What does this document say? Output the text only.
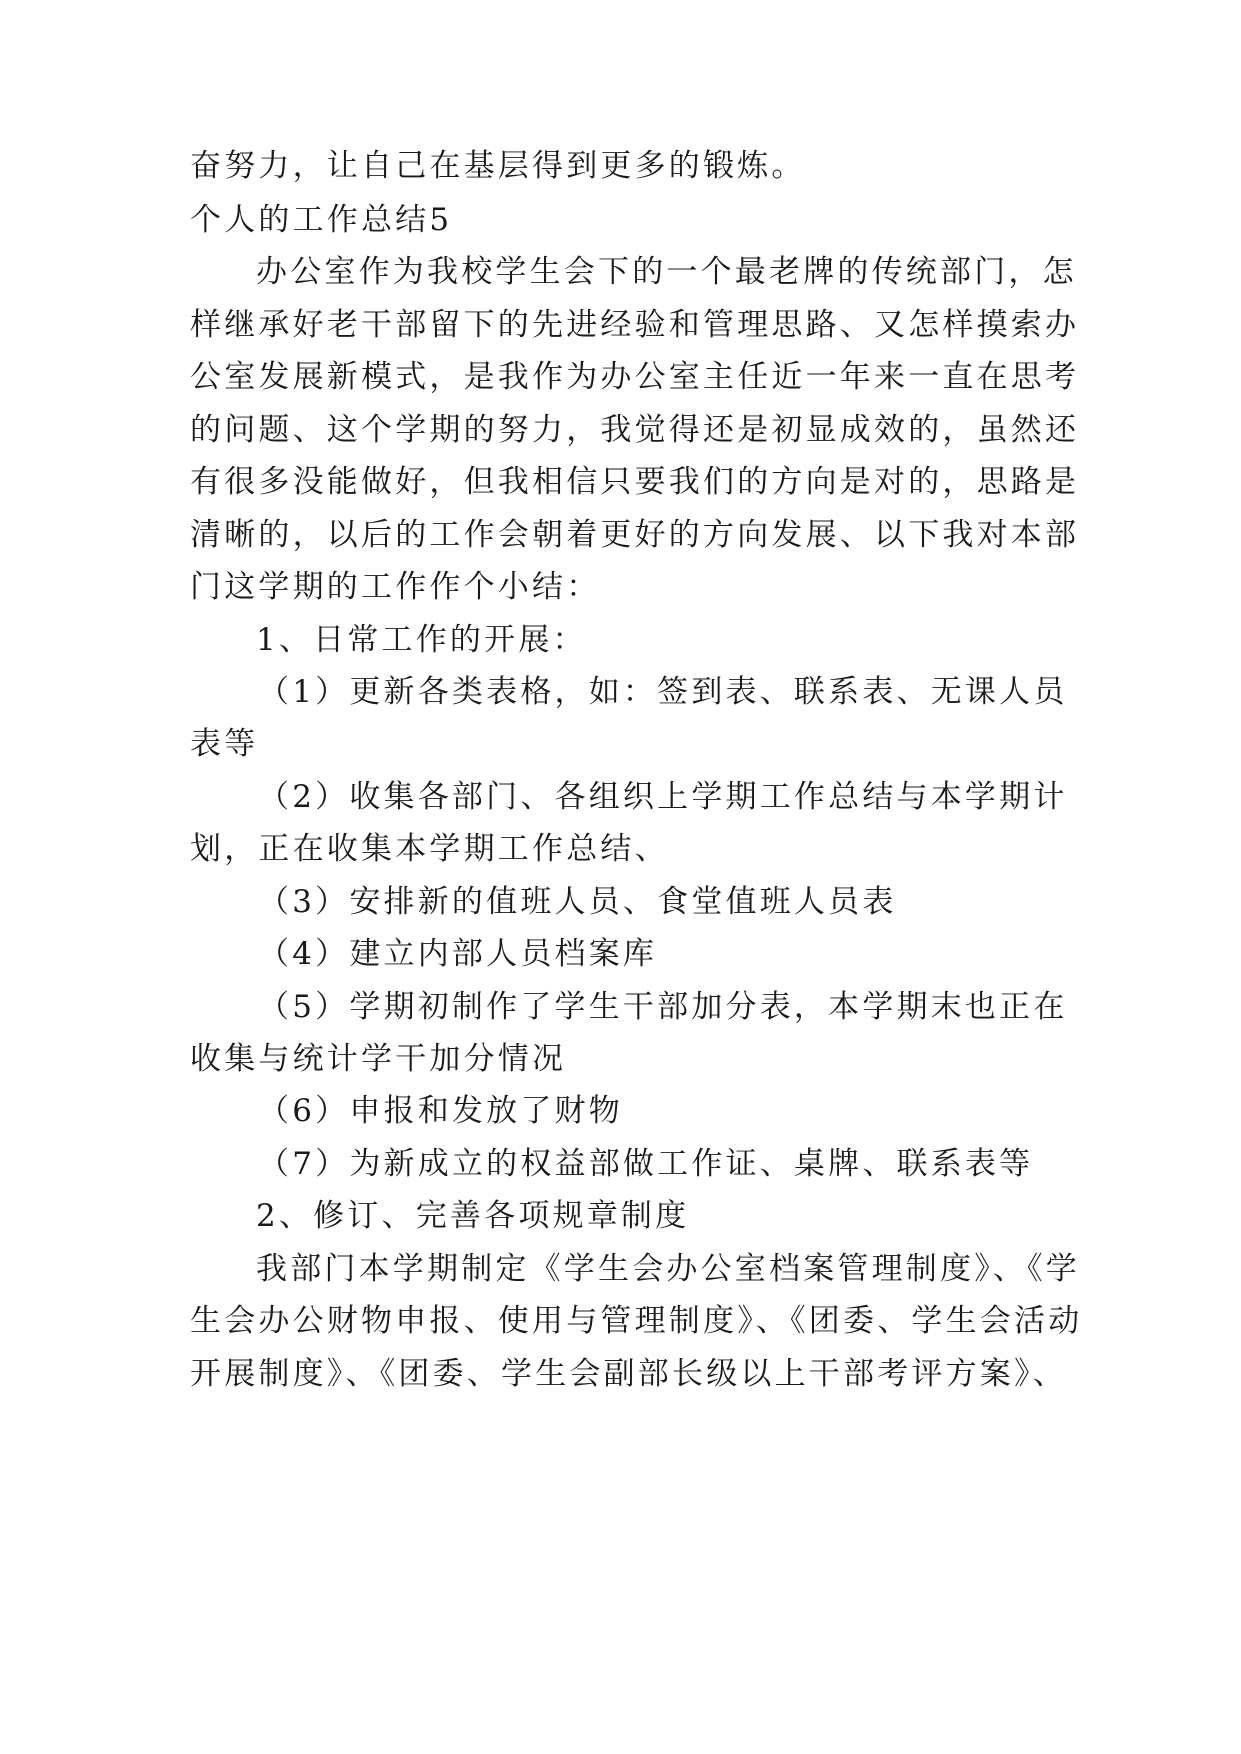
奋努力，让自己在基层得到更多的锻炼。
个人的工作总结5
办公室作为我校学生会下的一个最老牌的传统部门，怎
样继承好老干部留下的先进经验和管理思路、又怎样摸索办
公室发展新模式，是我作为办公室主任近一年来一直在思考
的问题、这个学期的努力，我觉得还是初显成效的，虽然还
有很多没能做好，但我相信只要我们的方向是对的，思路是
清晰的，以后的工作会朝着更好的方向发展、以下我对本部
门这学期的工作作个小结：
1、日常工作的开展：
（1）更新各类表格，如：签到表、联系表、无课人员
表等
（2）收集各部门、各组织上学期工作总结与本学期计
划，正在收集本学期工作总结、
（3）安排新的值班人员、食堂值班人员表
（4）建立内部人员档案库
（5）学期初制作了学生干部加分表，本学期末也正在
收集与统计学干加分情况
（6）申报和发放了财物
（7）为新成立的权益部做工作证、桌牌、联系表等
2、修订、完善各项规章制度
我部门本学期制定《学生会办公室档案管理制度》、《学
生会办公财物申报、使用与管理制度》、《团委、学生会活动
开展制度》、《团委、学生会副部长级以上干部考评方案》、
